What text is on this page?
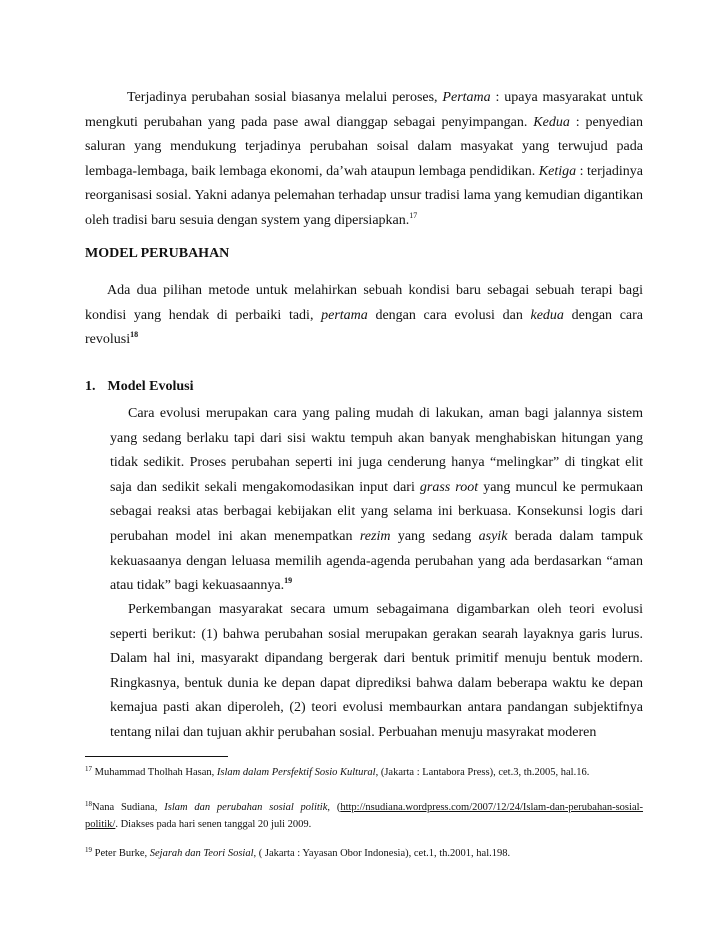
Terjadinya perubahan sosial biasanya melalui peroses, Pertama : upaya masyarakat untuk mengkuti perubahan yang pada pase awal dianggap sebagai penyimpangan. Kedua : penyedian saluran yang mendukung terjadinya perubahan soisal dalam masyakat yang terwujud pada lembaga-lembaga, baik lembaga ekonomi, da’wah ataupun lembaga pendidikan. Ketiga : terjadinya reorganisasi sosial. Yakni adanya pelemahan terhadap unsur tradisi lama yang kemudian digantikan oleh tradisi baru sesuia dengan system yang dipersiapkan.$^{17}$

MODEL PERUBAHAN

Ada dua pilihan metode untuk melahirkan sebuah kondisi baru sebagai sebuah terapi bagi kondisi yang hendak di perbaiki tadi, pertama dengan cara evolusi dan kedua dengan cara revolusi$^{18}$

1. Model Evolusi

Cara evolusi merupakan cara yang paling mudah di lakukan, aman bagi jalannya sistem yang sedang berlaku tapi dari sisi waktu tempuh akan banyak menghabiskan hitungan yang tidak sedikit. Proses perubahan seperti ini juga cenderung hanya “melingkar” di tingkat elit saja dan sedikit sekali mengakomodasikan input dari grass root yang muncul ke permukaan sebagai reaksi atas berbagai kebijakan elit yang selama ini berkuasa. Konsekunsi logis dari perubahan model ini akan menempatkan rezim yang sedang asyik berada dalam tampuk kekuasaanya dengan leluasa memilih agenda-agenda perubahan yang ada berdasarkan “aman atau tidak” bagi kekuasaannya.$^{19}$

Perkembangan masyarakat secara umum sebagaimana digambarkan oleh teori evolusi seperti berikut: (1) bahwa perubahan sosial merupakan gerakan searah layaknya garis lurus. Dalam hal ini, masyarakt dipandang bergerak dari bentuk primitif menuju bentuk modern. Ringkasnya, bentuk dunia ke depan dapat diprediksi bahwa dalam beberapa waktu ke depan kemajua pasti akan diperoleh, (2) teori evolusi membaurkan antara pandangan subjektifnya tentang nilai dan tujuan akhir perubahan sosial. Perbuahan menuju masyrakat moderen

$^{17}$ Muhammad Tholhah Hasan, Islam dalam Persfektif Sosio Kultural, (Jakarta : Lantabora Press), cet.3, th.2005, hal.16.

$^{18}$Nana Sudiana, Islam dan perubahan sosial politik, (http://nsudiana.wordpress.com/2007/12/24/Islam-dan-perubahan-sosial-politik/. Diakses pada hari senen tanggal 20 juli 2009.

$^{19}$ Peter Burke, Sejarah dan Teori Sosial, ( Jakarta : Yayasan Obor Indonesia), cet.1, th.2001, hal.198.
